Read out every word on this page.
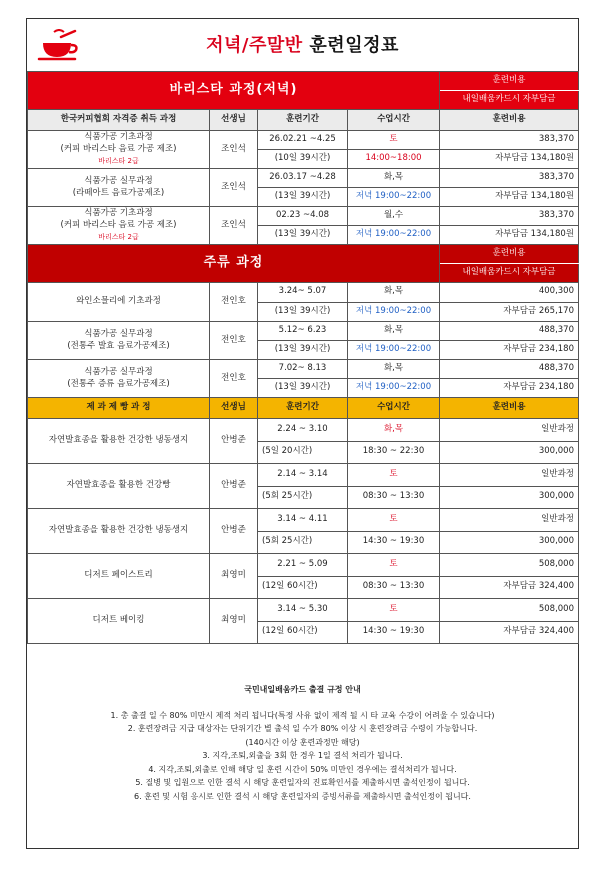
저녁/주말반 훈련일정표
바리스타 과정(저녁)				훈련비용
				내일배움카드시 자부담금
한국커피협회 자격증 취득 과정	선생님	훈련기간	수업시간	훈련비용
식품가공 기초과정
(커피 바리스타 음료 가공 제조)
바리스타 2급	조인석	26.02.21 ~4.25	토	383,370
		(10일 39시간)	14:00~18:00	자부담금 134,180원
식품가공 실무과정
(라떼아트 음료가공제조)	조인석	26.03.17 ~4.28	화,목	383,370
		(13일 39시간)	저녁 19:00~22:00	자부담금 134,180원
식품가공 기초과정
(커피 바리스타 음료 가공 제조)
바리스타 2급	조인석	02.23 ~4.08	월,수	383,370
		(13일 39시간)	저녁 19:00~22:00	자부담금 134,180원
주류 과정				훈련비용
				내일배움카드시 자부담금
와인소믈리에 기초과정	전인호	3.24~ 5.07	화,목	400,300
		(13일 39시간)	저녁 19:00~22:00	자부담금 265,170
식품가공 실무과정
(전통주 발효 음료가공제조)	전인호	5.12~ 6.23	화,목	488,370
		(13일 39시간)	저녁 19:00~22:00	자부담금 234,180
식품가공 실무과정
(전통주 증류 음료가공제조)	전인호	7.02~ 8.13	화,목	488,370
		(13일 39시간)	저녁 19:00~22:00	자부담금 234,180
제 과 제 빵 과 정	선생님	훈련기간	수업시간	훈련비용
자연발효종을 활용한 건강한 냉동생지	안병준	2.24 ~ 3.10	화,목	일반과정
		(5일 20시간)	18:30 ~ 22:30	300,000
자연발효종을 활용한 건강빵	안병준	2.14 ~ 3.14	토	일반과정
		(5회 25시간)	08:30 ~ 13:30	300,000
자연발효종을 활용한 건강한 냉동생지	안병준	3.14 ~ 4.11	토	일반과정
		(5회 25시간)	14:30 ~ 19:30	300,000
디저트 페이스트리	최영미	2.21 ~ 5.09	토	508,000
		(12일 60시간)	08:30 ~ 13:30	자부담금 324,400
디저트 베이킹	최영미	3.14 ~ 5.30	토	508,000
		(12일 60시간)	14:30 ~ 19:30	자부담금 324,400
국민내일배움카드 출결 규정 안내
1. 총 출결 일 수 80% 미만시 제적 처리 됩니다(특정 사유 없이 제적 될 시 타 교육 수강이 어려울 수 있습니다)
2. 훈련장려금 지급 대상자는 단위기간 별 출석 일 수가 80% 이상 시 훈련장려금 수령이 가능합니다.
(140시간 이상 훈련과정만 해당)
3. 지각,조퇴,외출을 3회 한 경우 1일 결석 처리가 됩니다.
4. 지각,조퇴,외출로 인해 해당 일 훈련 시간이 50% 미만인 경우에는 결석처리가 됩니다.
5. 질병 및 입원으로 인한 결석 시 해당 훈련일자의 진료확인서를 제출하시면 출석인정이 됩니다.
6. 훈련 및 시험 응시로 인한 결석 시 해당 훈련일자의 증빙서류를 제출하시면 출석인정이 됩니다.
